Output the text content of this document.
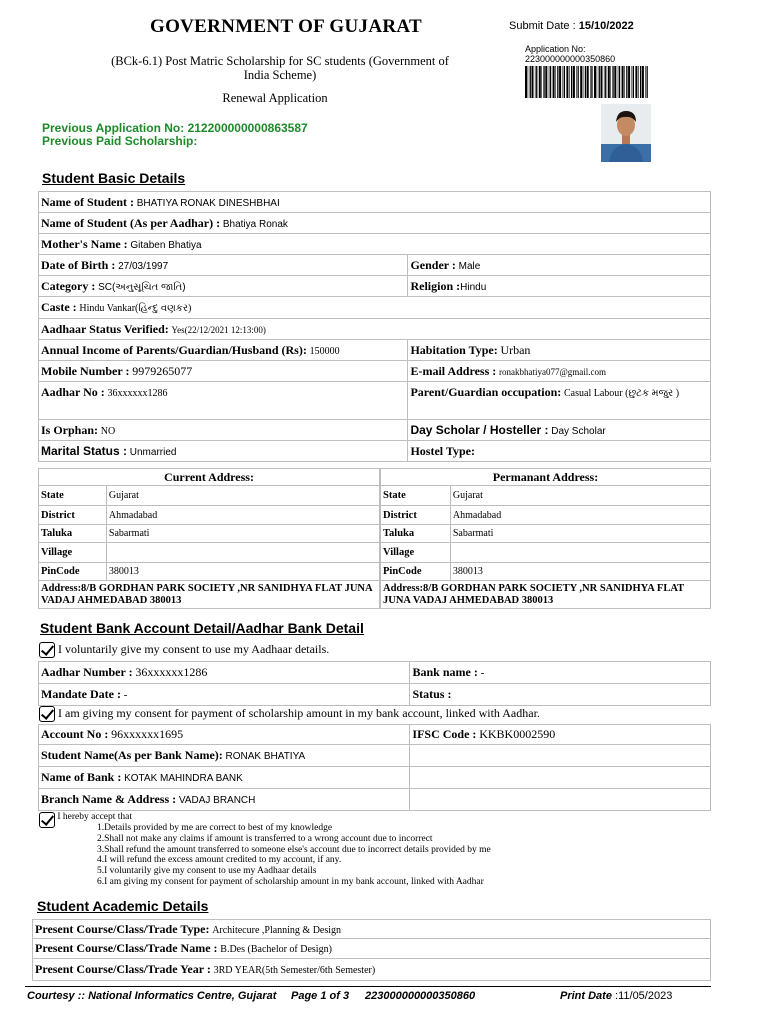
GOVERNMENT OF GUJARAT
(BCk-6.1) Post Matric Scholarship for SC students (Government of India Scheme)
Renewal Application
Submit Date : 15/10/2022
Application No:
223000000000350860
Previous Application No: 212200000000863587
Previous Paid Scholarship:
Student Basic Details
Name of Student : BHATIYA RONAK DINESHBHAI	
Name of Student (As per Aadhar) : Bhatiya Ronak	
Mother's Name : Gitaben Bhatiya	
Date of Birth : 27/03/1997	Gender : Male
Category : SC(અનુસૂચિત જાતિ)	Religion :Hindu
Caste : Hindu Vankar(હિન્દુ વણકર)	
Aadhaar Status Verified: Yes(22/12/2021 12:13:00)	
Annual Income of Parents/Guardian/Husband (Rs): 150000	Habitation Type: Urban
Mobile Number : 9979265077	E-mail Address : ronakbhatiya077@gmail.com
Aadhar No : 36xxxxxx1286	Parent/Guardian occupation: Casual Labour (છુટક મજુર )
Is Orphan: NO	Day Scholar / Hosteller : Day Scholar
Marital Status : Unmarried	Hostel Type:
Current Address:	
State	Gujarat
District	Ahmadabad
Taluka	Sabarmati
Village	
PinCode	380013
Address:8/B GORDHAN PARK SOCIETY ,NR SANIDHYA FLAT JUNA VADAJ AHMEDABAD 380013	
Permanant Address:	
State	Gujarat
District	Ahmadabad
Taluka	Sabarmati
Village	
PinCode	380013
Address:8/B GORDHAN PARK SOCIETY ,NR SANIDHYA FLAT JUNA VADAJ AHMEDABAD 380013	
Student Bank Account Detail/Aadhar Bank Detail
I voluntarily give my consent to use my Aadhaar details.
Aadhar Number : 36xxxxxx1286	Bank name : -
Mandate Date : -	Status :
I am giving my consent for payment of scholarship amount in my bank account, linked with Aadhar.
Account No : 96xxxxxx1695	IFSC Code : KKBK0002590
Student Name(As per Bank Name): RONAK BHATIYA	
Name of Bank : KOTAK MAHINDRA BANK	
Branch Name & Address : VADAJ BRANCH	
I hereby accept that
1.Details provided by me are correct to best of my knowledge
2.Shall not make any claims if amount is transferred to a wrong account due to incorrect
3.Shall refund the amount transferred to someone else's account due to incorrect details provided by me
4.I will refund the excess amount credited to my account, if any.
5.I voluntarily give my consent to use my Aadhaar details
6.I am giving my consent for payment of scholarship amount in my bank account, linked with Aadhar
Student Academic Details
Present Course/Class/Trade Type: Architecure ,Planning & Design
Present Course/Class/Trade Name : B.Des (Bachelor of Design)
Present Course/Class/Trade Year : 3RD YEAR(5th Semester/6th Semester)
Courtesy :: National Informatics Centre, Gujarat Page 1 of 3 223000000000350860	Print Date :11/05/2023
